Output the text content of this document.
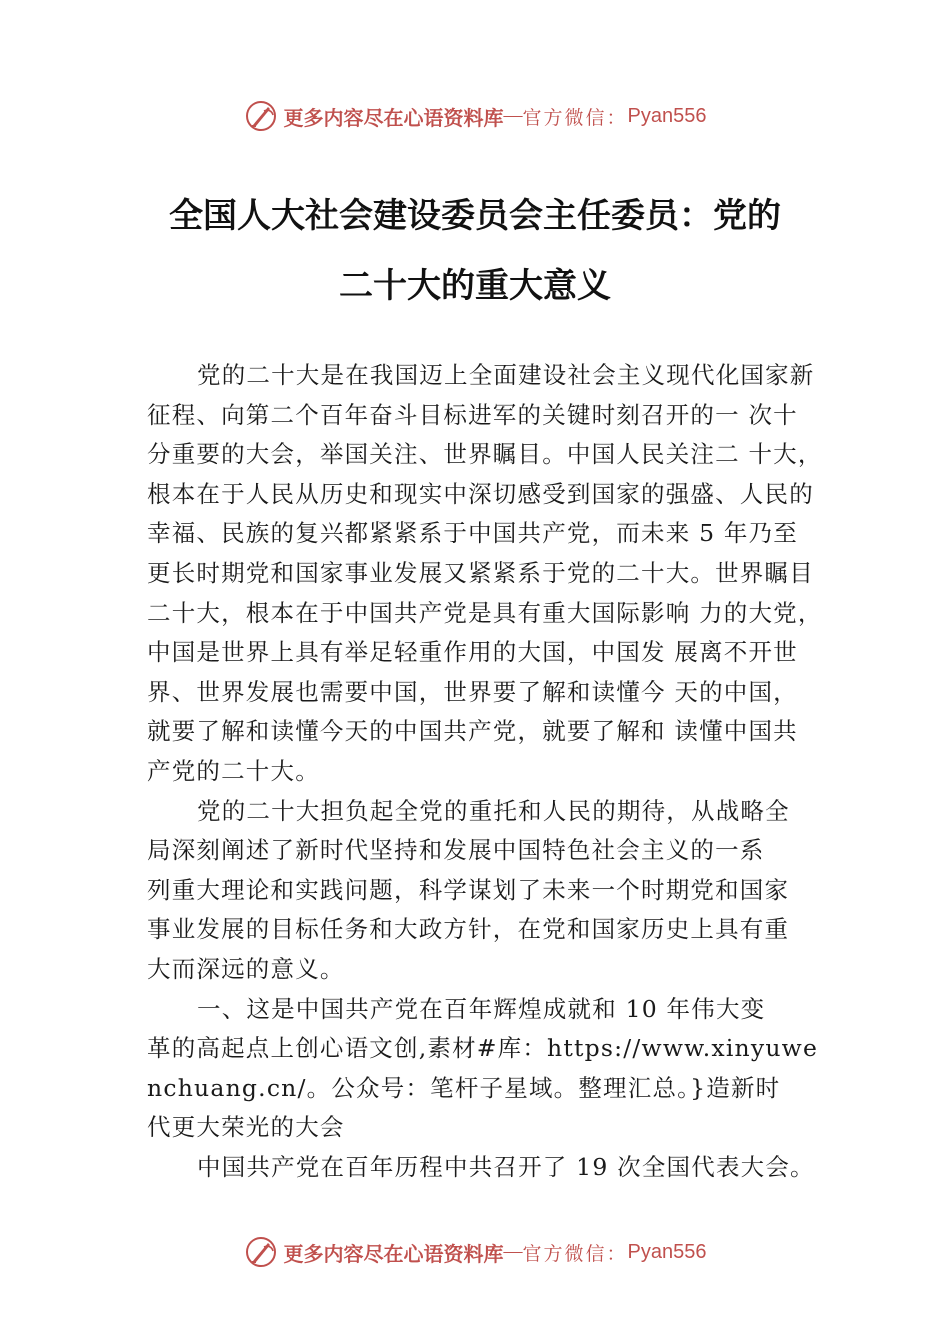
更多内容尽在心语资料库 — 官方微信： Pyan556
全国人大社会建设委员会主任委员：党的
二十大的重大意义
党的二十大是在我国迈上全面建设社会主义现代化国家新
征程、向第二个百年奋斗目标进军的关键时刻召开的一 次十
分重要的大会，举国关注、世界瞩目。中国人民关注二 十大，
根本在于人民从历史和现实中深切感受到国家的强盛、人民的
幸福、民族的复兴都紧紧系于中国共产党，而未来 5 年乃至
更长时期党和国家事业发展又紧紧系于党的二十大。世界瞩目
二十大，根本在于中国共产党是具有重大国际影响 力的大党，
中国是世界上具有举足轻重作用的大国，中国发 展离不开世
界、世界发展也需要中国，世界要了解和读懂今 天的中国，
就要了解和读懂今天的中国共产党，就要了解和 读懂中国共
产党的二十大。
党的二十大担负起全党的重托和人民的期待，从战略全
局深刻阐述了新时代坚持和发展中国特色社会主义的一系
列重大理论和实践问题，科学谋划了未来一个时期党和国家
事业发展的目标任务和大政方针，在党和国家历史上具有重
大而深远的意义。
一、这是中国共产党在百年辉煌成就和 10 年伟大变
革的高起点上创心语文创,素材#库：https://www.xinyuwe
nchuang.cn/。公众号：笔杆子星域。整理汇总。}造新时
代更大荣光的大会
中国共产党在百年历程中共召开了 19 次全国代表大会。
更多内容尽在心语资料库 — 官方微信： Pyan556
